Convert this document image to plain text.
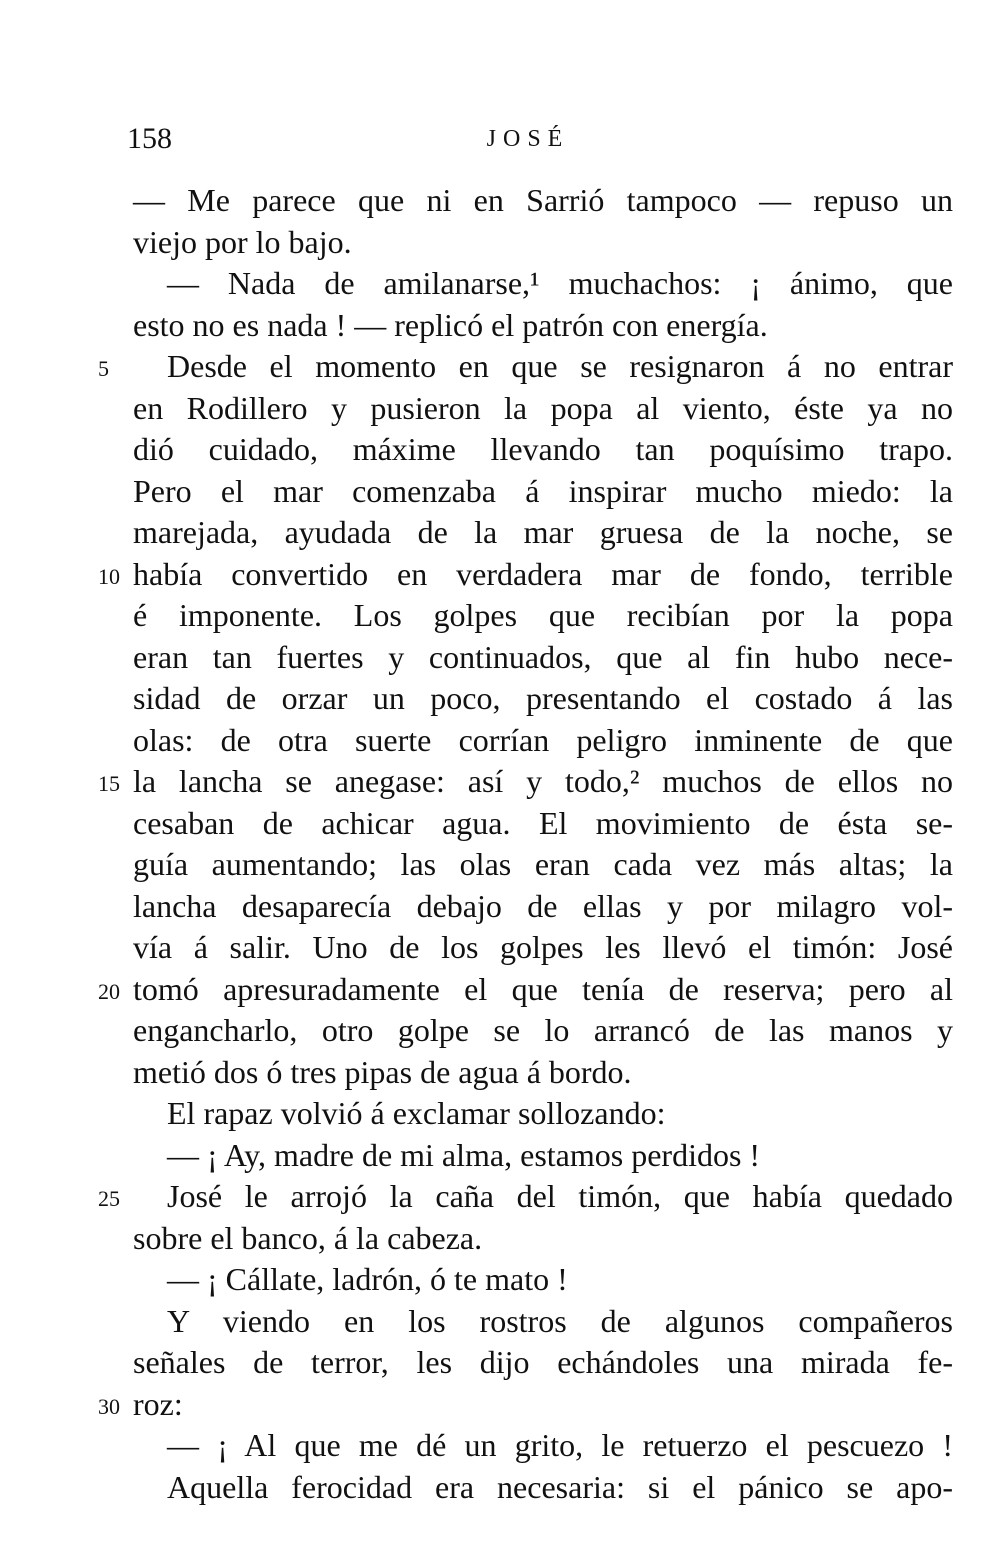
158	JOSÉ
— Me parece que ni en Sarrió tampoco — repuso un
viejo por lo bajo.
— Nada de amilanarse,¹ muchachos: ¡ ánimo, que
esto no es nada ! — replicó el patrón con energía.
5	Desde el momento en que se resignaron á no entrar
en Rodillero y pusieron la popa al viento, éste ya no
dió cuidado, máxime llevando tan poquísimo trapo.
Pero el mar comenzaba á inspirar mucho miedo: la
marejada, ayudada de la mar gruesa de la noche, se
10 había convertido en verdadera mar de fondo, terrible
é imponente. Los golpes que recibían por la popa
eran tan fuertes y continuados, que al fin hubo nece-
sidad de orzar un poco, presentando el costado á las
olas: de otra suerte corrían peligro inminente de que
15 la lancha se anegase: así y todo,² muchos de ellos no
cesaban de achicar agua. El movimiento de ésta se-
guía aumentando; las olas eran cada vez más altas; la
lancha desaparecía debajo de ellas y por milagro vol-
vía á salir. Uno de los golpes les llevó el timón: José
20 tomó apresuradamente el que tenía de reserva; pero al
engancharlo, otro golpe se lo arrancó de las manos y
metió dos ó tres pipas de agua á bordo.
El rapaz volvió á exclamar sollozando:
— ¡ Ay, madre de mi alma, estamos perdidos !
25	José le arrojó la caña del timón, que había quedado
sobre el banco, á la cabeza.
— ¡ Cállate, ladrón, ó te mato !
Y viendo en los rostros de algunos compañeros
señales de terror, les dijo echándoles una mirada fe-
30 roz:
— ¡ Al que me dé un grito, le retuerzo el pescuezo !
Aquella ferocidad era necesaria: si el pánico se apo-
